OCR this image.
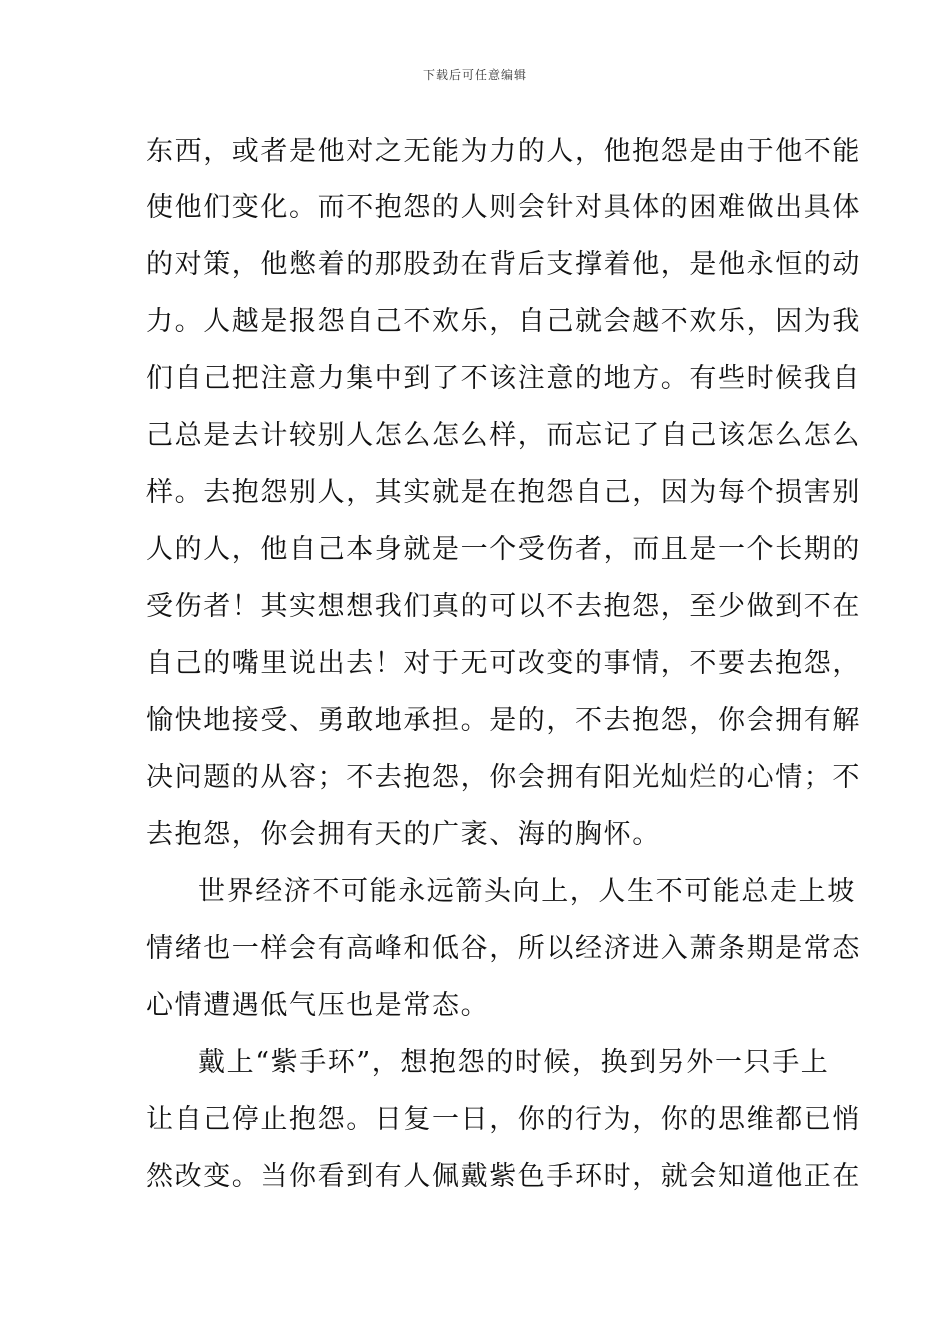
下载后可任意编辑
东西，或者是他对之无能为力的人，他抱怨是由于他不能
使他们变化。而不抱怨的人则会针对具体的困难做出具体
的对策，他憋着的那股劲在背后支撑着他，是他永恒的动
力。人越是报怨自己不欢乐，自己就会越不欢乐，因为我
们自己把注意力集中到了不该注意的地方。有些时候我自
己总是去计较别人怎么怎么样，而忘记了自己该怎么怎么
样。去抱怨别人，其实就是在抱怨自己，因为每个损害别
人的人，他自己本身就是一个受伤者，而且是一个长期的
受伤者！其实想想我们真的可以不去抱怨，至少做到不在
自己的嘴里说出去！对于无可改变的事情，不要去抱怨，
愉快地接受、勇敢地承担。是的，不去抱怨，你会拥有解
决问题的从容；不去抱怨，你会拥有阳光灿烂的心情；不
去抱怨，你会拥有天的广袤、海的胸怀。
世界经济不可能永远箭头向上，人生不可能总走上坡
情绪也一样会有高峰和低谷，所以经济进入萧条期是常态
心情遭遇低气压也是常态。
戴上“紫手环”，想抱怨的时候，换到另外一只手上
让自己停止抱怨。日复一日，你的行为，你的思维都已悄
然改变。当你看到有人佩戴紫色手环时，就会知道他正在
